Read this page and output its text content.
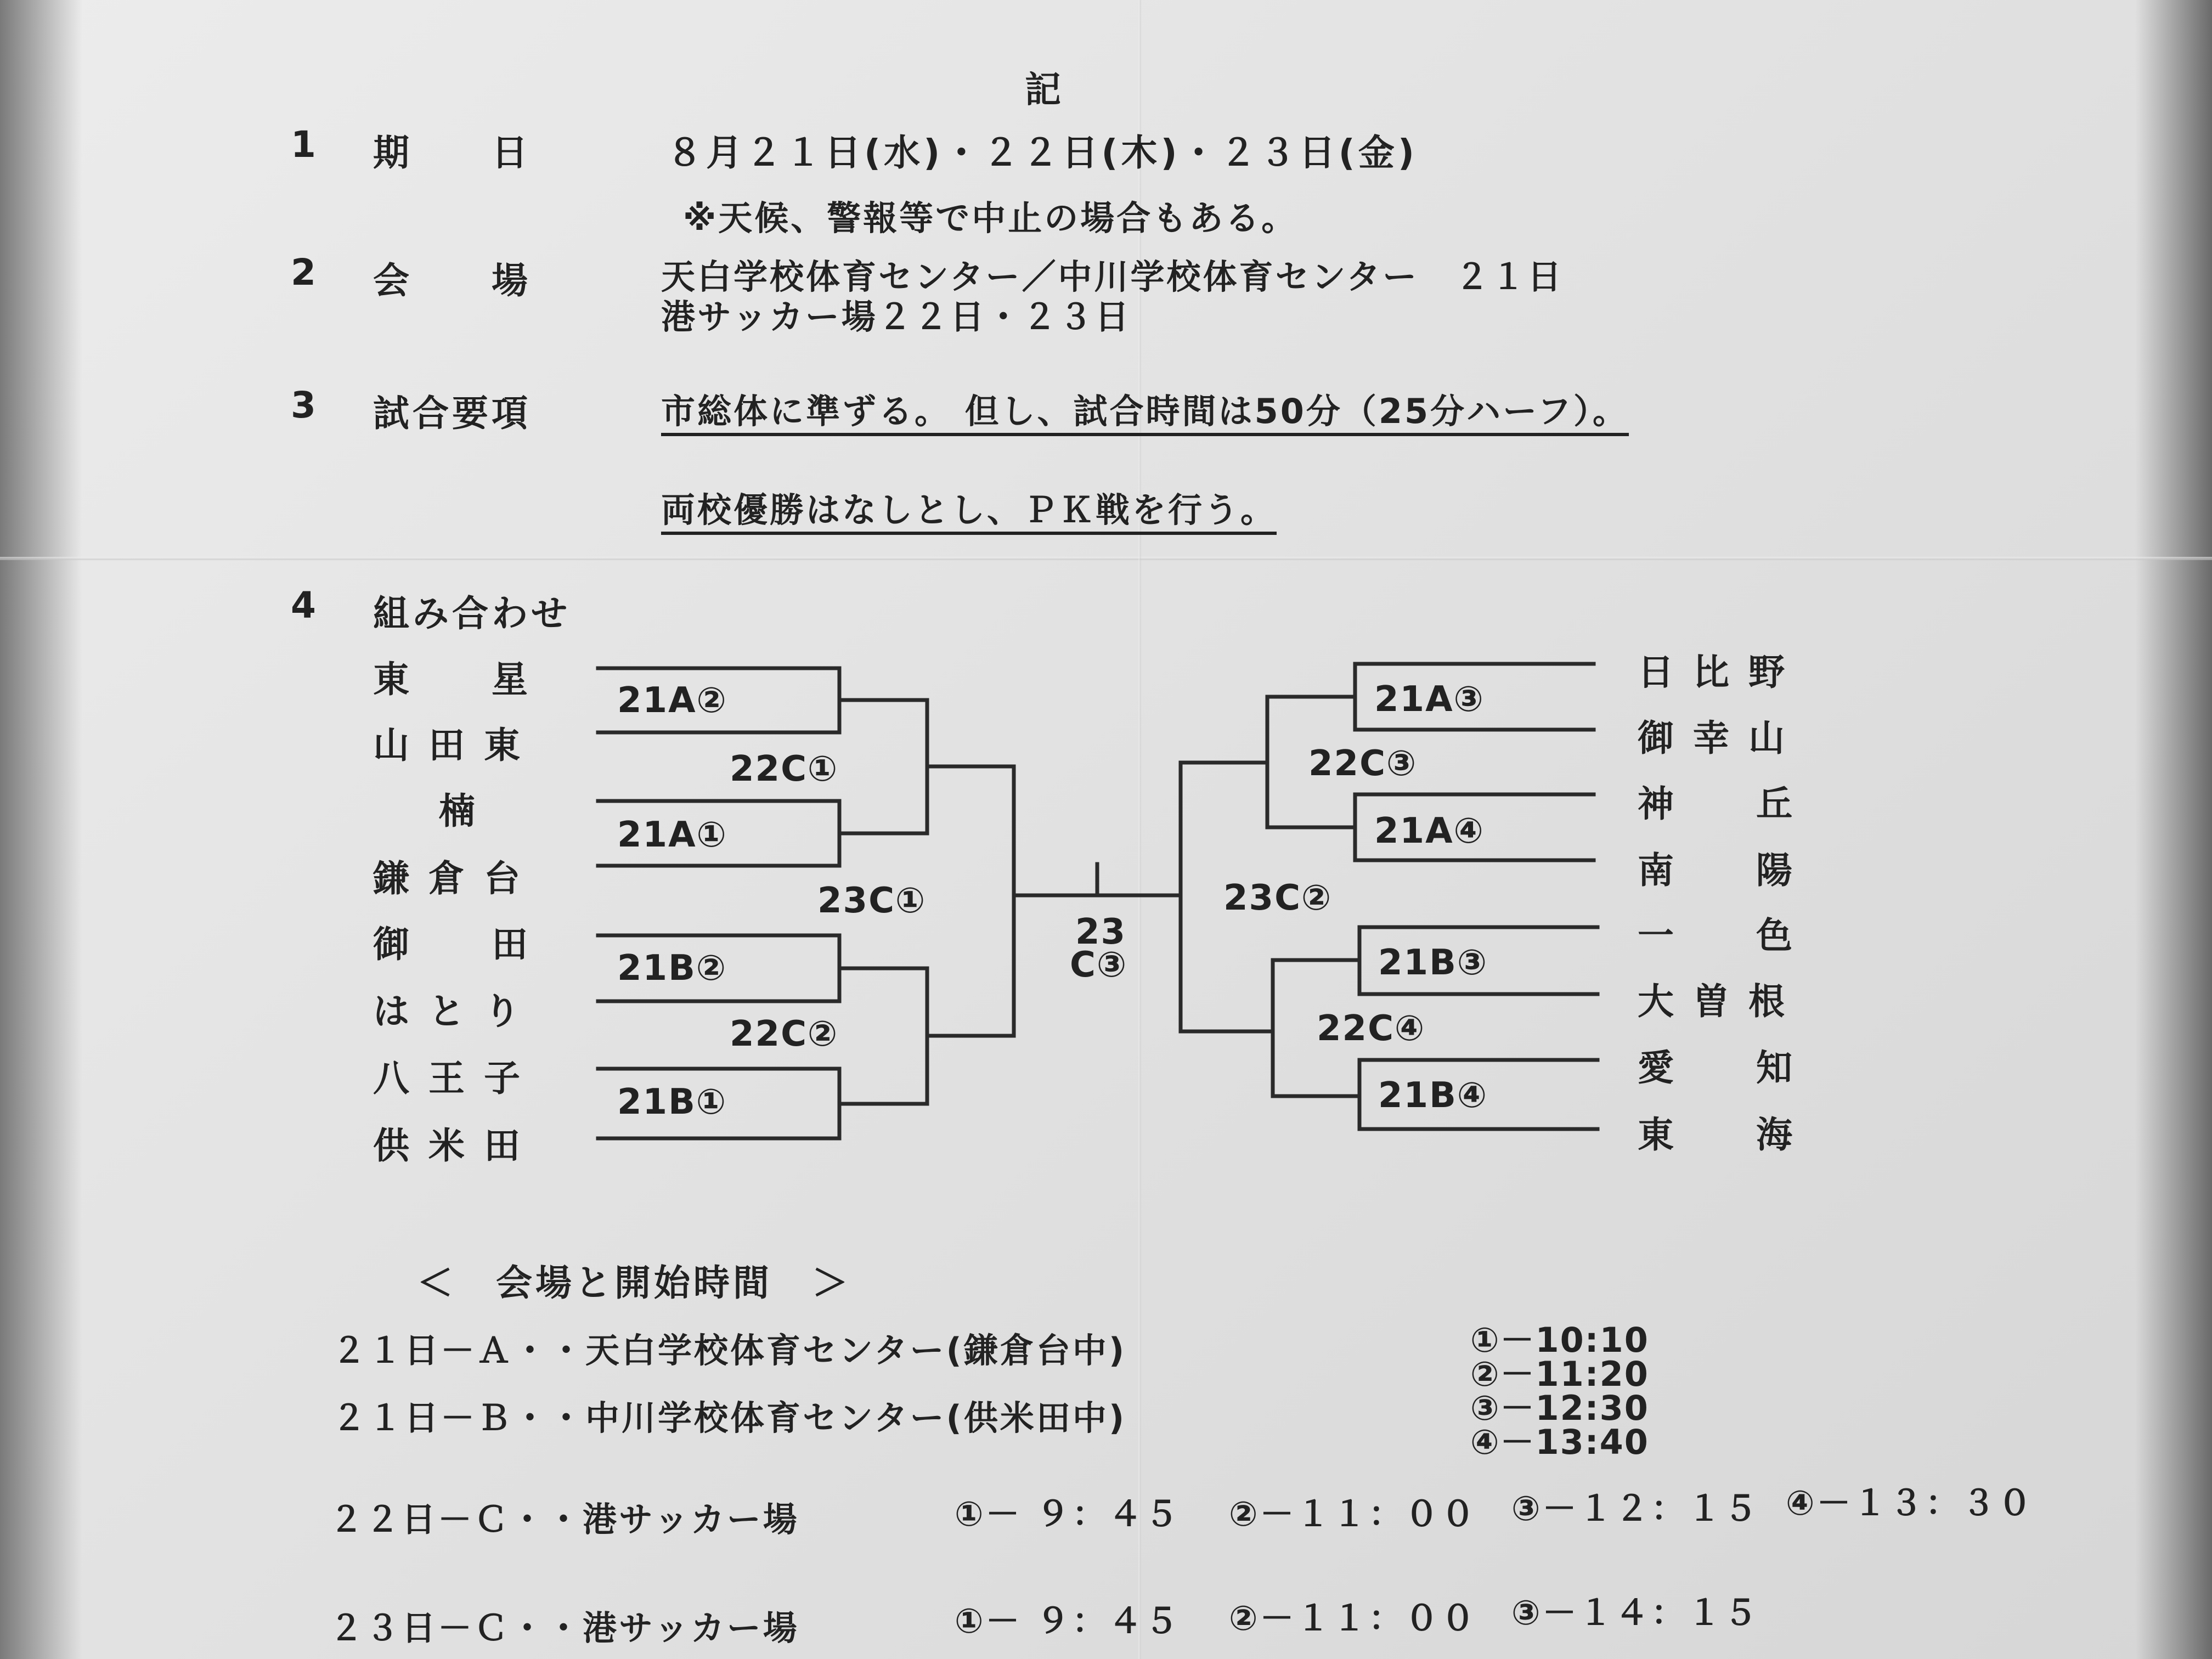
記
1 期　　日	８月２１日(水)・２２日(木)・２３日(金)
※天候、警報等で中止の場合もある。
2 会　　場	天白学校体育センター／中川学校体育センター　２１日
港サッカー場２２日・２３日
3 試合要項	市総体に準ずる。 但し、試合時間は50分（25分ハーフ）。
両校優勝はなしとし、ＰＫ戦を行う。
4 組み合わせ
東　　星
山 田 東
楠
鎌 倉 台
御　　田
は と り
八 王 子
供 米 田
日 比 野
御 幸 山
神　　丘
南　　陽
一　　色
大 曽 根
愛　　知
東　　海
21A②
21A①
21B②
21B①
22C①
22C②
23C①
23
C③
21A③
21A④
21B③
21B④
22C③
22C④
23C②
＜　会場と開始時間　＞
２１日－Ａ・・天白学校体育センター(鎌倉台中)
２１日－Ｂ・・中川学校体育センター(供米田中)
①－10:10
②－11:20
③－12:30
④－13:40
２２日－Ｃ・・港サッカー場	①－ ９：４５ ②－１１：００ ③－１２：１５ ④－１３：３０
２３日－Ｃ・・港サッカー場	①－ ９：４５ ②－１１：００ ③－１４：１５
